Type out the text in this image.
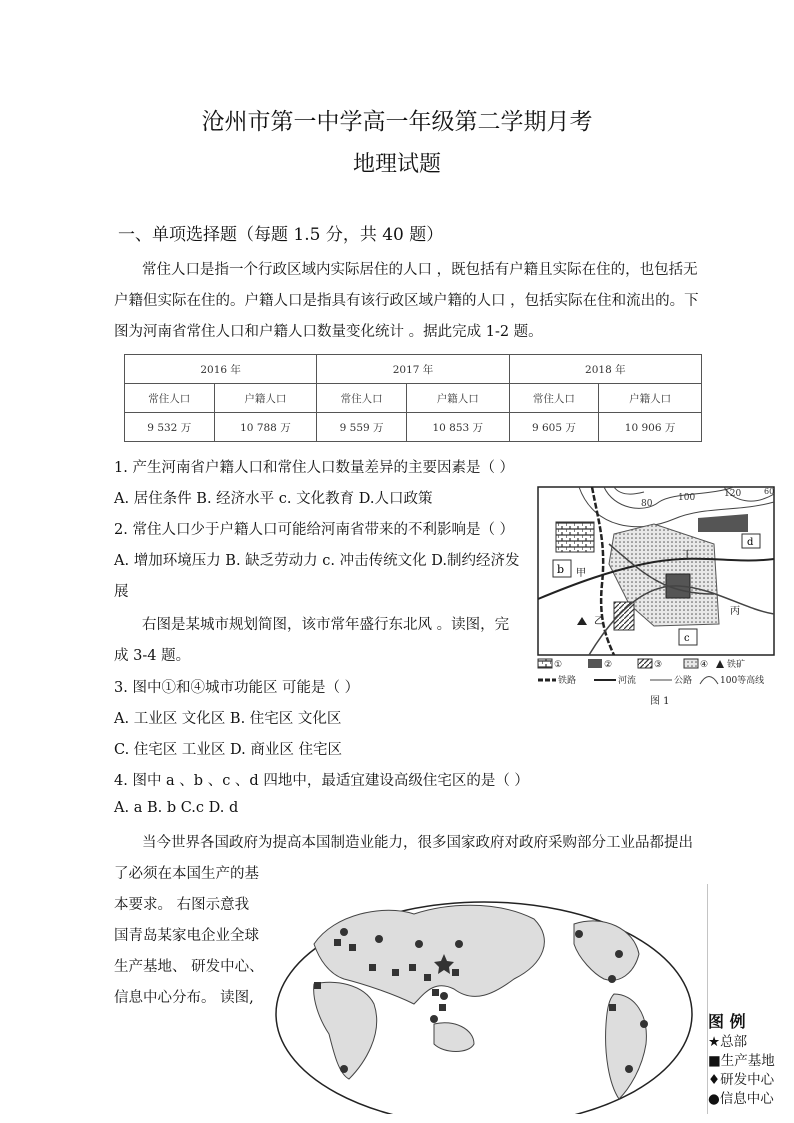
沧州市第一中学高一年级第二学期月考
地理试题
一、单项选择题（每题 1.5 分，共 40 题）
常住人口是指一个行政区域内实际居住的人口 ，既包括有户籍且实际在住的，也包括无
户籍但实际在住的。户籍人口是指具有该行政区域户籍的人口 ，包括实际在住和流出的。下
图为河南省常住人口和户籍人口数量变化统计 。据此完成 1-2 题。
2016 年		2017 年		2018 年	
常住人口	户籍人口	常住人口	户籍人口	常住人口	户籍人口
9 532 万	10 788 万	9 559 万	10 853 万	9 605 万	10 906 万
1. 产生河南省户籍人口和常住人口数量差异的主要因素是（ ）
A. 居住条件 B. 经济水平 c. 文化教育 D.人口政策
2. 常住人口少于户籍人口可能给河南省带来的不利影响是（ ）
A. 增加环境压力 B. 缺乏劳动力 c. 冲击传统文化 D.制约经济发
展
右图是某城市规划简图，该市常年盛行东北风 。读图，完
成 3-4 题。
3. 图中①和④城市功能区 可能是（ ）
A. 工业区 文化区 B. 住宅区 文化区
C. 住宅区 工业区 D. 商业区 住宅区
4. 图中 a 、b 、c 、d 四地中，最适宜建设高级住宅区的是（ ）
A. a B. b C.c D. d
当今世界各国政府为提高本国制造业能力，很多国家政府对政府采购部分工业品都提出
了必须在本国生产的基
本要求。 右图示意我
国青岛某家电企业全球
生产基地、 研发中心、
信息中心分布。 读图,
80
100	120	60
d
b
c
甲
丁
丙
乙
①	②	③	④ 铁矿
铁路	河流	公路	100等高线
图 1
图 例
★总部
■生产基地
♦研发中心
●信息中心
